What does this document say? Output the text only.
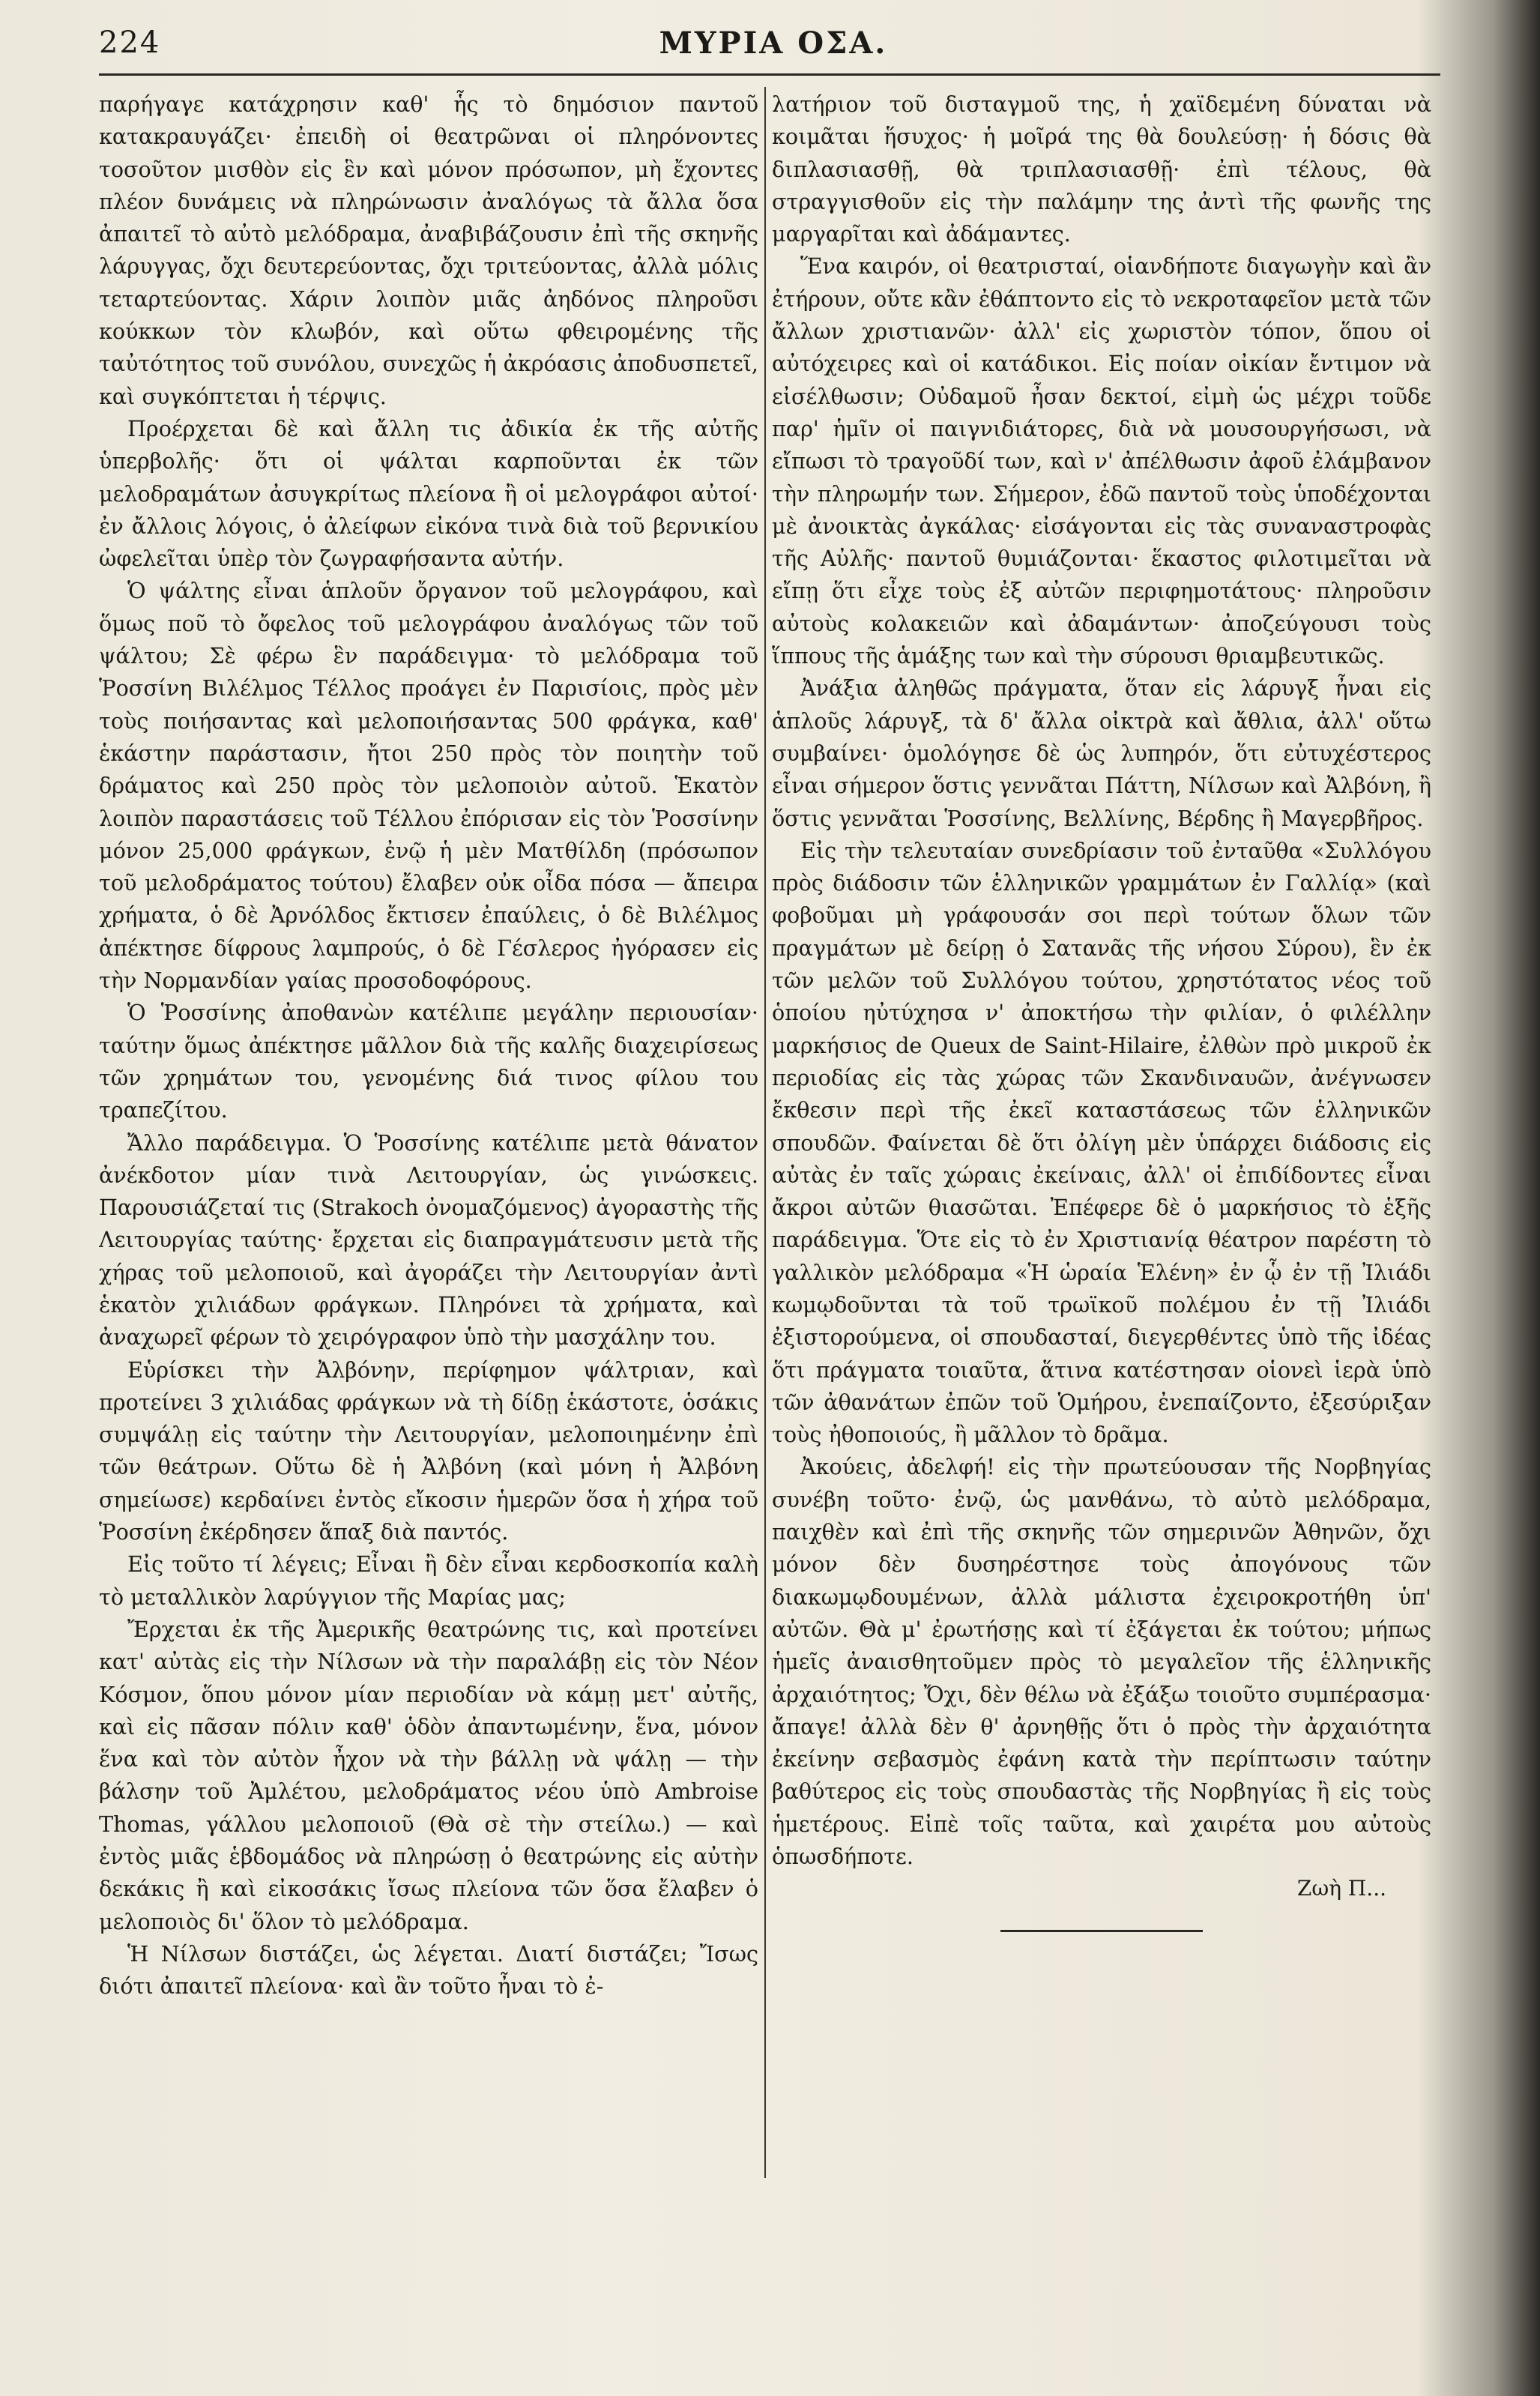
224	ΜΥΡΙΑ ΟΣΑ.

παρήγαγε κατάχρησιν καθ' ἧς τὸ δημόσιον παντοῦ κατακραυγάζει· ἐπειδὴ οἱ θεατρῶναι οἱ πληρόνοντες τοσοῦτον μισθὸν εἰς ἓν καὶ μόνον πρόσωπον, μὴ ἔχοντες πλέον δυνάμεις νὰ πληρώνωσιν ἀναλόγως τὰ ἄλλα ὅσα ἀπαιτεῖ τὸ αὐτὸ μελόδραμα, ἀναβιβάζουσιν ἐπὶ τῆς σκηνῆς λάρυγγας, ὄχι δευτερεύοντας, ὄχι τριτεύοντας, ἀλλὰ μόλις τεταρτεύοντας. Χάριν λοιπὸν μιᾶς ἀηδόνος πληροῦσι κούκκων τὸν κλωβόν, καὶ οὕτω φθειρομένης τῆς ταὐτότητος τοῦ συνόλου, συνεχῶς ἡ ἀκρόασις ἀποδυσπετεῖ, καὶ συγκόπτεται ἡ τέρψις.

Προέρχεται δὲ καὶ ἄλλη τις ἀδικία ἐκ τῆς αὐτῆς ὑπερβολῆς· ὅτι οἱ ψάλται καρποῦνται ἐκ τῶν μελοδραμάτων ἀσυγκρίτως πλείονα ἢ οἱ μελογράφοι αὐτοί· ἐν ἄλλοις λόγοις, ὁ ἀλείφων εἰκόνα τινὰ διὰ τοῦ βερνικίου ὠφελεῖται ὑπὲρ τὸν ζωγραφήσαντα αὐτήν.

Ὁ ψάλτης εἶναι ἁπλοῦν ὄργανον τοῦ μελογράφου, καὶ ὅμως ποῦ τὸ ὄφελος τοῦ μελογράφου ἀναλόγως τῶν τοῦ ψάλτου; Σὲ φέρω ἓν παράδειγμα· τὸ μελόδραμα τοῦ Ῥοσσίνη Βιλέλμος Τέλλος προάγει ἐν Παρισίοις, πρὸς μὲν τοὺς ποιήσαντας καὶ μελοποιήσαντας 500 φράγκα, καθ' ἑκάστην παράστασιν, ἤτοι 250 πρὸς τὸν ποιητὴν τοῦ δράματος καὶ 250 πρὸς τὸν μελοποιὸν αὐτοῦ. Ἑκατὸν λοιπὸν παραστάσεις τοῦ Τέλλου ἐπόρισαν εἰς τὸν Ῥοσσίνην μόνον 25,000 φράγκων, ἐνῷ ἡ μὲν Ματθίλδη (πρόσωπον τοῦ μελοδράματος τούτου) ἔλαβεν οὐκ οἶδα πόσα — ἄπειρα χρήματα, ὁ δὲ Ἀρνόλδος ἔκτισεν ἐπαύλεις, ὁ δὲ Βιλέλμος ἀπέκτησε δίφρους λαμπρούς, ὁ δὲ Γέσλερος ἠγόρασεν εἰς τὴν Νορμανδίαν γαίας προσοδοφόρους.

Ὁ Ῥοσσίνης ἀποθανὼν κατέλιπε μεγάλην περιουσίαν· ταύτην ὅμως ἀπέκτησε μᾶλλον διὰ τῆς καλῆς διαχειρίσεως τῶν χρημάτων του, γενομένης διά τινος φίλου του τραπεζίτου.

Ἄλλο παράδειγμα. Ὁ Ῥοσσίνης κατέλιπε μετὰ θάνατον ἀνέκδοτον μίαν τινὰ Λειτουργίαν, ὡς γινώσκεις. Παρουσιάζεταί τις (Strakoch ὀνομαζόμενος) ἀγοραστὴς τῆς Λειτουργίας ταύτης· ἔρχεται εἰς διαπραγμάτευσιν μετὰ τῆς χήρας τοῦ μελοποιοῦ, καὶ ἀγοράζει τὴν Λειτουργίαν ἀντὶ ἑκατὸν χιλιάδων φράγκων. Πληρόνει τὰ χρήματα, καὶ ἀναχωρεῖ φέρων τὸ χειρόγραφον ὑπὸ τὴν μασχάλην του.

Εὑρίσκει τὴν Ἀλβόνην, περίφημον ψάλτριαν, καὶ προτείνει 3 χιλιάδας φράγκων νὰ τὴ δίδῃ ἑκάστοτε, ὁσάκις συμψάλῃ εἰς ταύτην τὴν Λειτουργίαν, μελοποιημένην ἐπὶ τῶν θεάτρων. Οὕτω δὲ ἡ Ἀλβόνη (καὶ μόνη ἡ Ἀλβόνη σημείωσε) κερδαίνει ἐντὸς εἴκοσιν ἡμερῶν ὅσα ἡ χήρα τοῦ Ῥοσσίνη ἐκέρδησεν ἅπαξ διὰ παντός.

Εἰς τοῦτο τί λέγεις; Εἶναι ἢ δὲν εἶναι κερδοσκοπία καλὴ τὸ μεταλλικὸν λαρύγγιον τῆς Μαρίας μας;

Ἔρχεται ἐκ τῆς Ἀμερικῆς θεατρώνης τις, καὶ προτείνει κατ' αὐτὰς εἰς τὴν Νίλσων νὰ τὴν παραλάβῃ εἰς τὸν Νέον Κόσμον, ὅπου μόνον μίαν περιοδίαν νὰ κάμῃ μετ' αὐτῆς, καὶ εἰς πᾶσαν πόλιν καθ' ὁδὸν ἀπαντωμένην, ἕνα, μόνον ἕνα καὶ τὸν αὐτὸν ἦχον νὰ τὴν βάλλῃ νὰ ψάλῃ — τὴν βάλσην τοῦ Ἀμλέτου, μελοδράματος νέου ὑπὸ Ambroise Thomas, γάλλου μελοποιοῦ (Θὰ σὲ τὴν στείλω.) — καὶ ἐντὸς μιᾶς ἑβδομάδος νὰ πληρώσῃ ὁ θεατρώνης εἰς αὐτὴν δεκάκις ἢ καὶ εἰκοσάκις ἴσως πλείονα τῶν ὅσα ἔλαβεν ὁ μελοποιὸς δι' ὅλον τὸ μελόδραμα.

Ἡ Νίλσων διστάζει, ὡς λέγεται. Διατί διστάζει; Ἴσως διότι ἀπαιτεῖ πλείονα· καὶ ἂν τοῦτο ἦναι τὸ ἐ-

λατήριον τοῦ δισταγμοῦ της, ἡ χαϊδεμένη δύναται νὰ κοιμᾶται ἥσυχος· ἡ μοῖρά της θὰ δουλεύσῃ· ἡ δόσις θὰ διπλασιασθῇ, θὰ τριπλασιασθῇ· ἐπὶ τέλους, θὰ στραγγισθοῦν εἰς τὴν παλάμην της ἀντὶ τῆς φωνῆς της μαργαρῖται καὶ ἀδάμαντες.

Ἕνα καιρόν, οἱ θεατρισταί, οἱανδήποτε διαγωγὴν καὶ ἂν ἐτήρουν, οὔτε κἂν ἐθάπτοντο εἰς τὸ νεκροταφεῖον μετὰ τῶν ἄλλων χριστιανῶν· ἀλλ' εἰς χωριστὸν τόπον, ὅπου οἱ αὐτόχειρες καὶ οἱ κατάδικοι. Εἰς ποίαν οἰκίαν ἔντιμον νὰ εἰσέλθωσιν; Οὐδαμοῦ ἦσαν δεκτοί, εἰμὴ ὡς μέχρι τοῦδε παρ' ἡμῖν οἱ παιγνιδιάτορες, διὰ νὰ μουσουργήσωσι, νὰ εἴπωσι τὸ τραγοῦδί των, καὶ ν' ἀπέλθωσιν ἀφοῦ ἐλάμβανον τὴν πληρωμήν των. Σήμερον, ἐδῶ παντοῦ τοὺς ὑποδέχονται μὲ ἀνοικτὰς ἀγκάλας· εἰσάγονται εἰς τὰς συναναστροφὰς τῆς Αὐλῆς· παντοῦ θυμιάζονται· ἕκαστος φιλοτιμεῖται νὰ εἴπῃ ὅτι εἶχε τοὺς ἐξ αὐτῶν περιφημοτάτους· πληροῦσιν αὐτοὺς κολακειῶν καὶ ἀδαμάντων· ἀποζεύγουσι τοὺς ἵππους τῆς ἁμάξης των καὶ τὴν σύρουσι θριαμβευτικῶς.

Ἀνάξια ἀληθῶς πράγματα, ὅταν εἰς λάρυγξ ἦναι εἰς ἁπλοῦς λάρυγξ, τὰ δ' ἄλλα οἰκτρὰ καὶ ἄθλια, ἀλλ' οὕτω συμβαίνει· ὁμολόγησε δὲ ὡς λυπηρόν, ὅτι εὐτυχέστερος εἶναι σήμερον ὅστις γεννᾶται Πάττη, Νίλσων καὶ Ἀλβόνη, ἢ ὅστις γεννᾶται Ῥοσσίνης, Βελλίνης, Βέρδης ἢ Μαγερβῆρος.

Εἰς τὴν τελευταίαν συνεδρίασιν τοῦ ἐνταῦθα «Συλλόγου πρὸς διάδοσιν τῶν ἑλληνικῶν γραμμάτων ἐν Γαλλίᾳ» (καὶ φοβοῦμαι μὴ γράφουσάν σοι περὶ τούτων ὅλων τῶν πραγμάτων μὲ δείρῃ ὁ Σατανᾶς τῆς νήσου Σύρου), ἓν ἐκ τῶν μελῶν τοῦ Συλλόγου τούτου, χρηστότατος νέος τοῦ ὁποίου ηὐτύχησα ν' ἀποκτήσω τὴν φιλίαν, ὁ φιλέλλην μαρκήσιος de Queux de Saint-Hilaire, ἐλθὼν πρὸ μικροῦ ἐκ περιοδίας εἰς τὰς χώρας τῶν Σκανδιναυῶν, ἀνέγνωσεν ἔκθεσιν περὶ τῆς ἐκεῖ καταστάσεως τῶν ἑλληνικῶν σπουδῶν. Φαίνεται δὲ ὅτι ὀλίγη μὲν ὑπάρχει διάδοσις εἰς αὐτὰς ἐν ταῖς χώραις ἐκείναις, ἀλλ' οἱ ἐπιδίδοντες εἶναι ἄκροι αὐτῶν θιασῶται. Ἐπέφερε δὲ ὁ μαρκήσιος τὸ ἑξῆς παράδειγμα. Ὅτε εἰς τὸ ἐν Χριστιανίᾳ θέατρον παρέστη τὸ γαλλικὸν μελόδραμα «Ἡ ὡραία Ἑλένη» ἐν ᾧ ἐν τῇ Ἰλιάδι κωμῳδοῦνται τὰ τοῦ τρωϊκοῦ πολέμου ἐν τῇ Ἰλιάδι ἐξιστορούμενα, οἱ σπουδασταί, διεγερθέντες ὑπὸ τῆς ἰδέας ὅτι πράγματα τοιαῦτα, ἅτινα κατέστησαν οἱονεὶ ἱερὰ ὑπὸ τῶν ἀθανάτων ἐπῶν τοῦ Ὁμήρου, ἐνεπαίζοντο, ἐξεσύριξαν τοὺς ἠθοποιούς, ἢ μᾶλλον τὸ δρᾶμα.

Ἀκούεις, ἀδελφή! εἰς τὴν πρωτεύουσαν τῆς Νορβηγίας συνέβη τοῦτο· ἐνῷ, ὡς μανθάνω, τὸ αὐτὸ μελόδραμα, παιχθὲν καὶ ἐπὶ τῆς σκηνῆς τῶν σημερινῶν Ἀθηνῶν, ὄχι μόνον δὲν δυσηρέστησε τοὺς ἀπογόνους τῶν διακωμῳδουμένων, ἀλλὰ μάλιστα ἐχειροκροτήθη ὑπ' αὐτῶν. Θὰ μ' ἐρωτήσῃς καὶ τί ἐξάγεται ἐκ τούτου; μήπως ἡμεῖς ἀναισθητοῦμεν πρὸς τὸ μεγαλεῖον τῆς ἑλληνικῆς ἀρχαιότητος; Ὄχι, δὲν θέλω νὰ ἐξάξω τοιοῦτο συμπέρασμα· ἄπαγε! ἀλλὰ δὲν θ' ἀρνηθῇς ὅτι ὁ πρὸς τὴν ἀρχαιότητα ἐκείνην σεβασμὸς ἐφάνη κατὰ τὴν περίπτωσιν ταύτην βαθύτερος εἰς τοὺς σπουδαστὰς τῆς Νορβηγίας ἢ εἰς τοὺς ἡμετέρους. Εἰπὲ τοῖς ταῦτα, καὶ χαιρέτα μου αὐτοὺς ὁπωσδήποτε.

Ζωὴ Π...
